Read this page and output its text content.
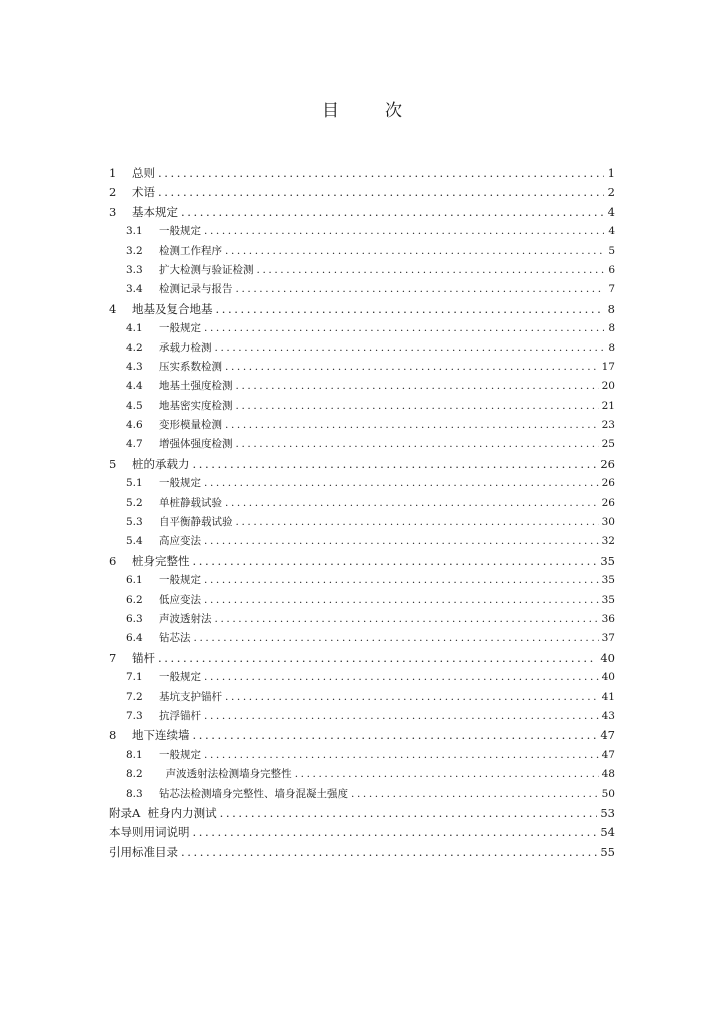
目	次
1	总则 .....	1
2	术语 .....	2
3	基本规定 .....	4
3.1	一般规定 .....	4
3.2	检测工作程序 .....	5
3.3	扩大检测与验证检测 .....	6
3.4	检测记录与报告 .....	7
4	地基及复合地基 .....	8
4.1	一般规定 .....	8
4.2	承载力检测 .....	8
4.3	压实系数检测 .....	17
4.4	地基土强度检测 .....	20
4.5	地基密实度检测 .....	21
4.6	变形模量检测 .....	23
4.7	增强体强度检测 .....	25
5	桩的承载力 .....	26
5.1	一般规定 .....	26
5.2	单桩静载试验 .....	26
5.3	自平衡静载试验 .....	30
5.4	高应变法 .....	32
6	桩身完整性 .....	35
6.1	一般规定 .....	35
6.2	低应变法 .....	35
6.3	声波透射法 .....	36
6.4	钻芯法 .....	37
7	锚杆 .....	40
7.1	一般规定 .....	40
7.2	基坑支护锚杆 .....	41
7.3	抗浮锚杆 .....	43
8	地下连续墙 .....	47
8.1	一般规定 .....	47
8.2	声波透射法检测墙身完整性 .....	48
8.3	钻芯法检测墙身完整性、墙身混凝土强度 .....	50
附录A  桩身内力测试 .....	53
本导则用词说明 .....	54
引用标准目录 .....	55
